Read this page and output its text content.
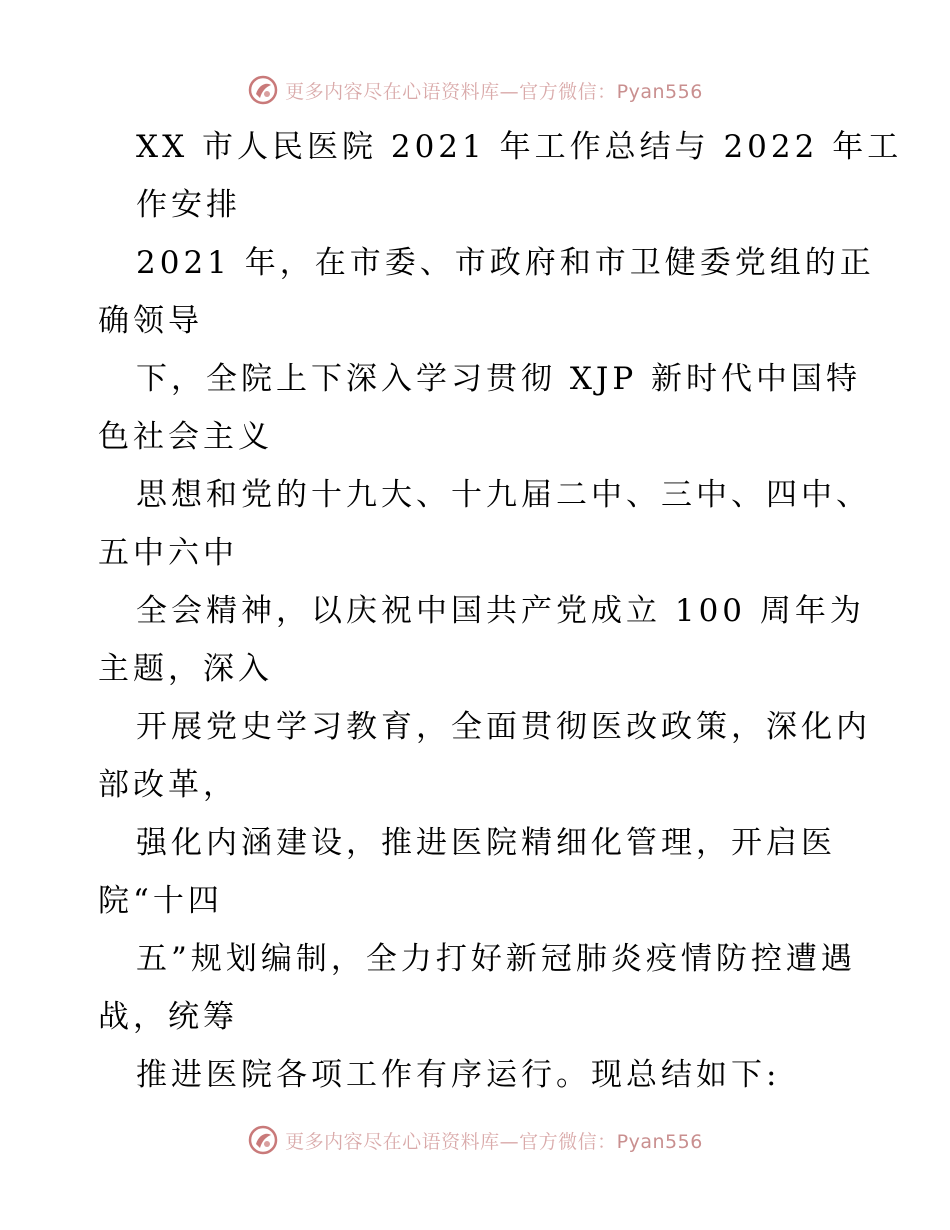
更多内容尽在心语资料库—官方微信：Pyan556
XX 市人民医院 2021 年工作总结与 2022 年工
作安排
2021 年，在市委、市政府和市卫健委党组的正
确领导
下，全院上下深入学习贯彻 XJP 新时代中国特
色社会主义
思想和党的十九大、十九届二中、三中、四中、
五中六中
全会精神，以庆祝中国共产党成立 100 周年为
主题，深入
开展党史学习教育，全面贯彻医改政策，深化内
部改革，
强化内涵建设，推进医院精细化管理，开启医
院“十四
五”规划编制，全力打好新冠肺炎疫情防控遭遇
战，统筹
推进医院各项工作有序运行。现总结如下:
更多内容尽在心语资料库—官方微信：Pyan556
